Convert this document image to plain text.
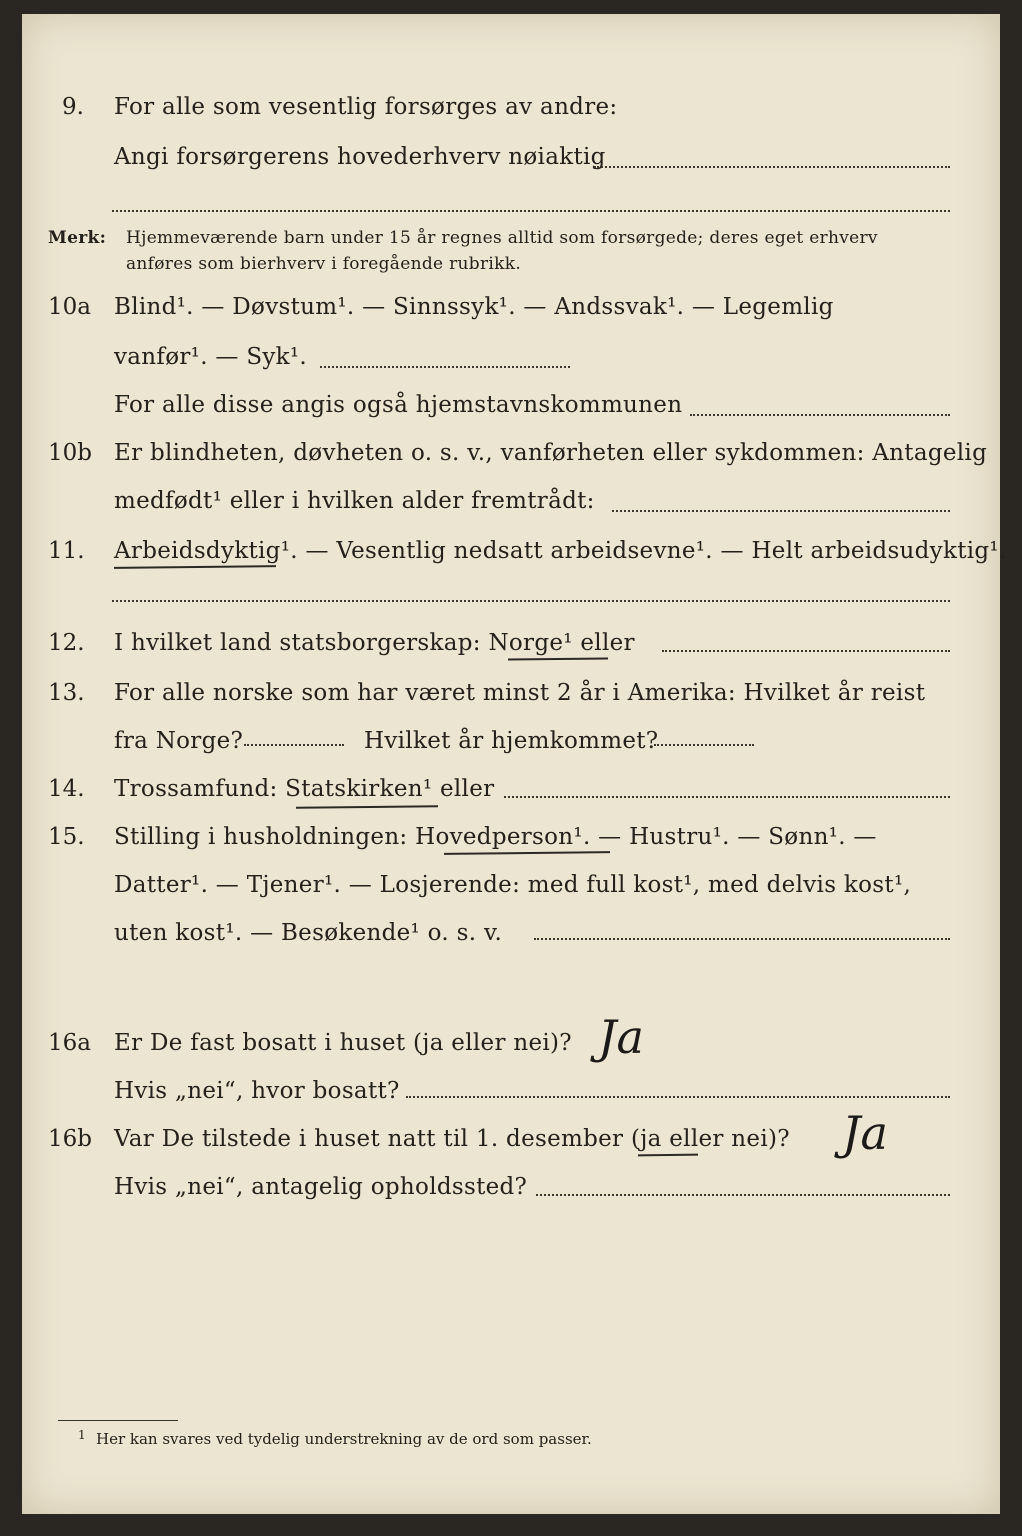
9. For alle som vesentlig forsørges av andre:
Angi forsørgerens hovederhverv nøiaktig
Merk: Hjemmeværende barn under 15 år regnes alltid som forsørgede; deres eget erhverv
anføres som bierhverv i foregående rubrikk.
10a Blind¹. — Døvstum¹. — Sinnssyk¹. — Andssvak¹. — Legemlig
vanfør¹. — Syk¹.
For alle disse angis også hjemstavnskommunen
10b Er blindheten, døvheten o. s. v., vanførheten eller sykdommen: Antagelig
medfødt¹ eller i hvilken alder fremtrådt:
11. Arbeidsdyktig¹. — Vesentlig nedsatt arbeidsevne¹. — Helt arbeidsudyktig¹.
12. I hvilket land statsborgerskap: Norge¹ eller
13. For alle norske som har været minst 2 år i Amerika: Hvilket år reist
fra Norge?	Hvilket år hjemkommet?
14. Trossamfund: Statskirken¹ eller
15. Stilling i husholdningen: Hovedperson¹. — Hustru¹. — Sønn¹. —
Datter¹. — Tjener¹. — Losjerende: med full kost¹, med delvis kost¹,
uten kost¹. — Besøkende¹ o. s. v.
16a Er De fast bosatt i huset (ja eller nei)? Ja
Hvis „nei“, hvor bosatt?
16b Var De tilstede i huset natt til 1. desember (ja eller nei)? Ja
Hvis „nei“, antagelig opholdssted?
1 Her kan svares ved tydelig understrekning av de ord som passer.
